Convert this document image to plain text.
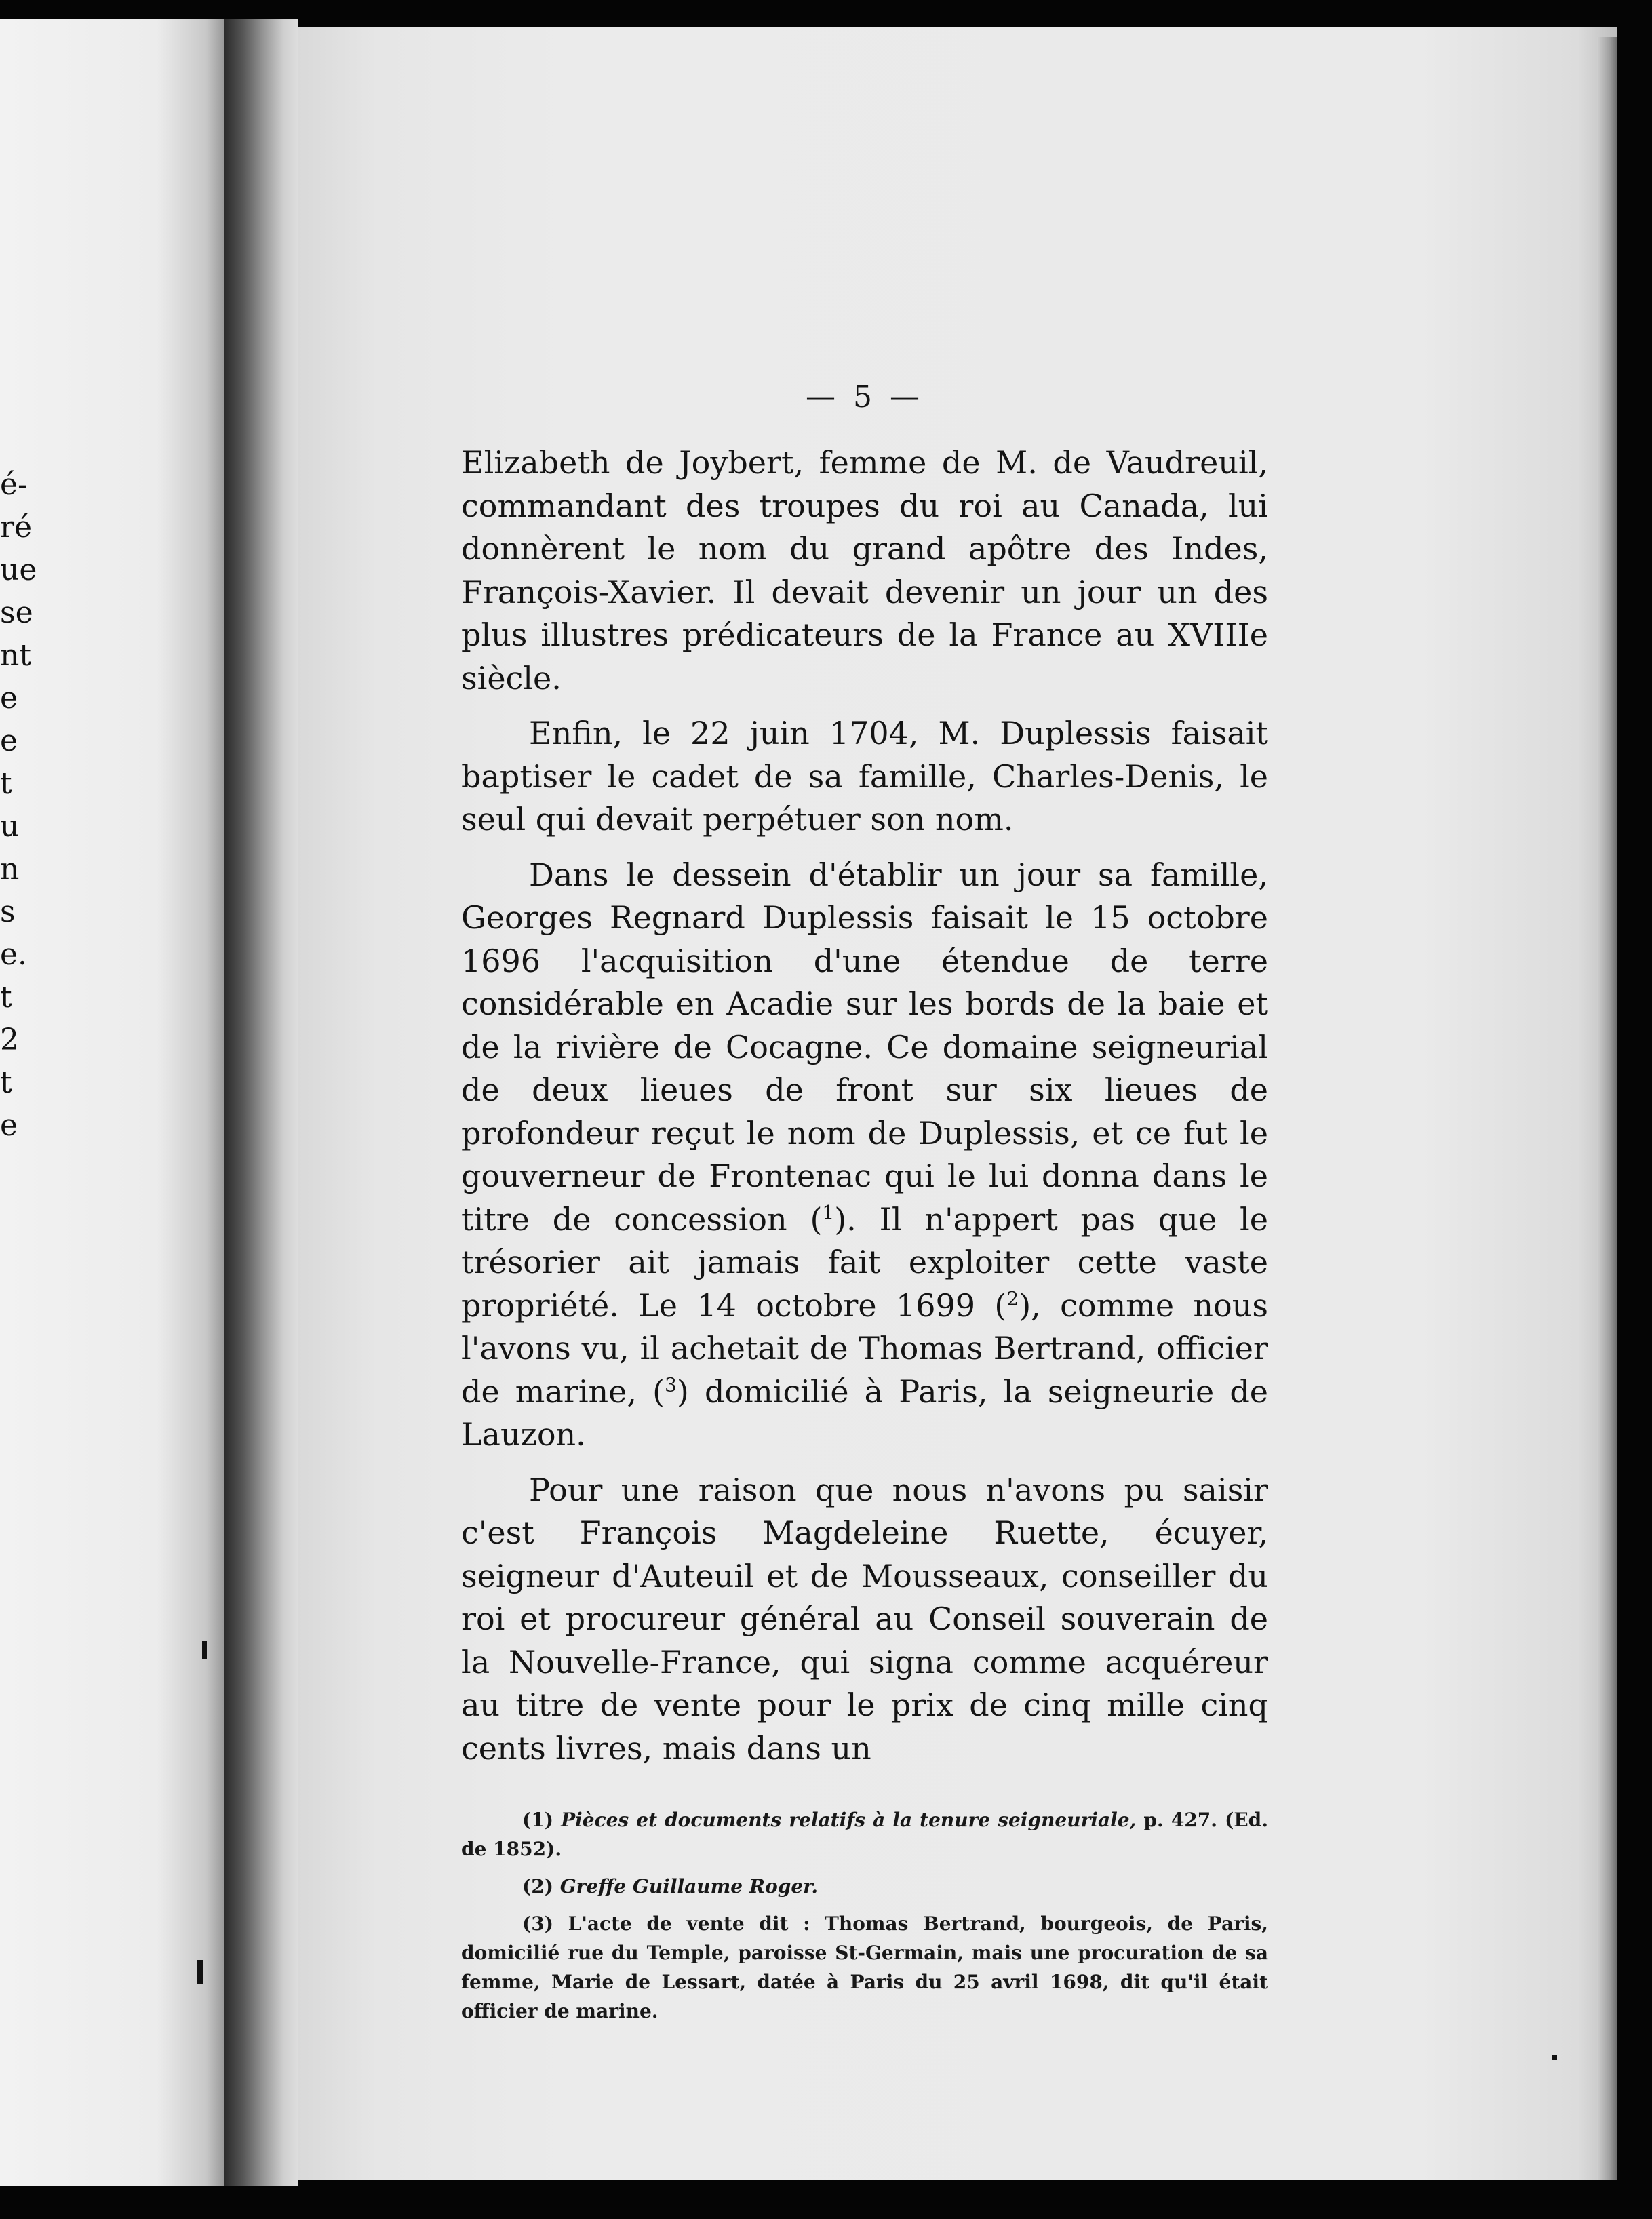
é-
ré
ue
se
nt
e
e
t
u
n
s
e.
t
2
t
e
— 5 —

Elizabeth de Joybert, femme de M. de Vaudreuil, commandant des troupes du roi au Canada, lui donnèrent le nom du grand apôtre des Indes, François-Xavier. Il devait devenir un jour un des plus illustres prédicateurs de la France au XVIIIe siècle.

Enfin, le 22 juin 1704, M. Duplessis faisait baptiser le cadet de sa famille, Charles-Denis, le seul qui devait perpétuer son nom.

Dans le dessein d'établir un jour sa famille, Georges Regnard Duplessis faisait le 15 octobre 1696 l'acquisition d'une étendue de terre considérable en Acadie sur les bords de la baie et de la rivière de Cocagne. Ce domaine seigneurial de deux lieues de front sur six lieues de profondeur reçut le nom de Duplessis, et ce fut le gouverneur de Frontenac qui le lui donna dans le titre de concession ($^1$). Il n'appert pas que le trésorier ait jamais fait exploiter cette vaste propriété. Le 14 octobre 1699 ($^2$), comme nous l'avons vu, il achetait de Thomas Bertrand, officier de marine, ($^3$) domicilié à Paris, la seigneurie de Lauzon.

Pour une raison que nous n'avons pu saisir c'est François Magdeleine Ruette, écuyer, seigneur d'Auteuil et de Mousseaux, conseiller du roi et procureur général au Conseil souverain de la Nouvelle-France, qui signa comme acquéreur au titre de vente pour le prix de cinq mille cinq cents livres, mais dans un

(1) Pièces et documents relatifs à la tenure seigneuriale, p. 427. (Ed. de 1852).

(2) Greffe Guillaume Roger.

(3) L'acte de vente dit : Thomas Bertrand, bourgeois, de Paris, domicilié rue du Temple, paroisse St-Germain, mais une procuration de sa femme, Marie de Lessart, datée à Paris du 25 avril 1698, dit qu'il était officier de marine.
